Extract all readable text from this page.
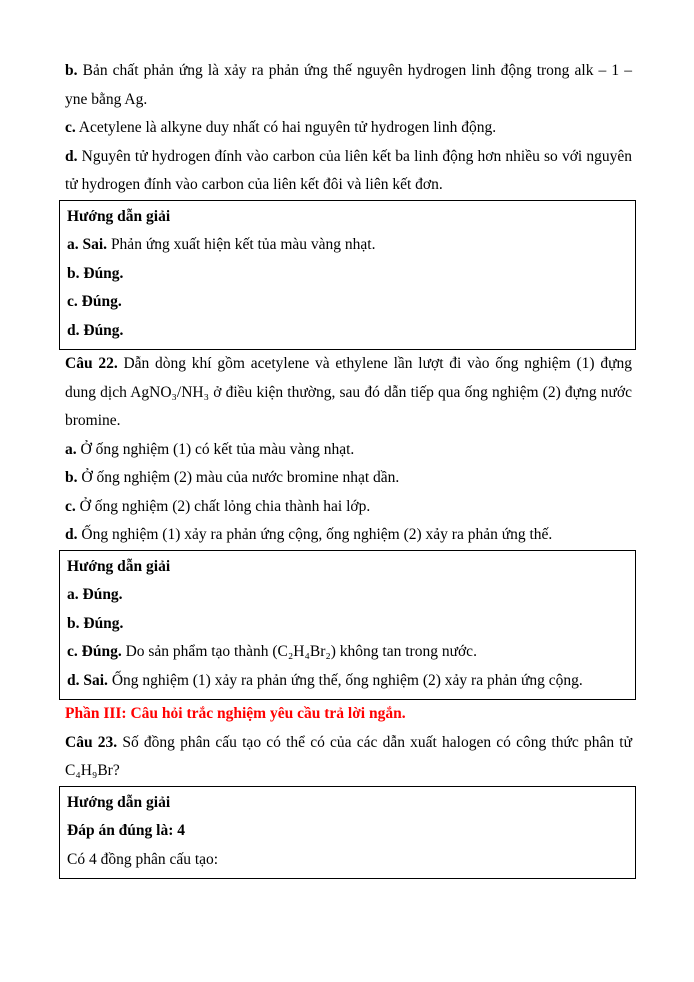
b. Bản chất phản ứng là xảy ra phản ứng thế nguyên hydrogen linh động trong alk – 1 – yne bằng Ag.

c. Acetylene là alkyne duy nhất có hai nguyên tử hydrogen linh động.

d. Nguyên tử hydrogen đính vào carbon của liên kết ba linh động hơn nhiều so với nguyên tử hydrogen đính vào carbon của liên kết đôi và liên kết đơn.

Hướng dẫn giải

a. Sai. Phản ứng xuất hiện kết tủa màu vàng nhạt.

b. Đúng.

c. Đúng.

d. Đúng.

Câu 22. Dẫn dòng khí gồm acetylene và ethylene lần lượt đi vào ống nghiệm (1) đựng dung dịch AgNO₃/NH₃ ở điều kiện thường, sau đó dẫn tiếp qua ống nghiệm (2) đựng nước bromine.

a. Ở ống nghiệm (1) có kết tủa màu vàng nhạt.

b. Ở ống nghiệm (2) màu của nước bromine nhạt dần.

c. Ở ống nghiệm (2) chất lỏng chia thành hai lớp.

d. Ống nghiệm (1) xảy ra phản ứng cộng, ống nghiệm (2) xảy ra phản ứng thế.

Hướng dẫn giải

a. Đúng.

b. Đúng.

c. Đúng. Do sản phẩm tạo thành (C₂H₄Br₂) không tan trong nước.

d. Sai. Ống nghiệm (1) xảy ra phản ứng thế, ống nghiệm (2) xảy ra phản ứng cộng.

Phần III: Câu hỏi trắc nghiệm yêu cầu trả lời ngắn.

Câu 23. Số đồng phân cấu tạo có thể có của các dẫn xuất halogen có công thức phân tử C₄H₉Br?

Hướng dẫn giải

Đáp án đúng là: 4

Có 4 đồng phân cấu tạo:
